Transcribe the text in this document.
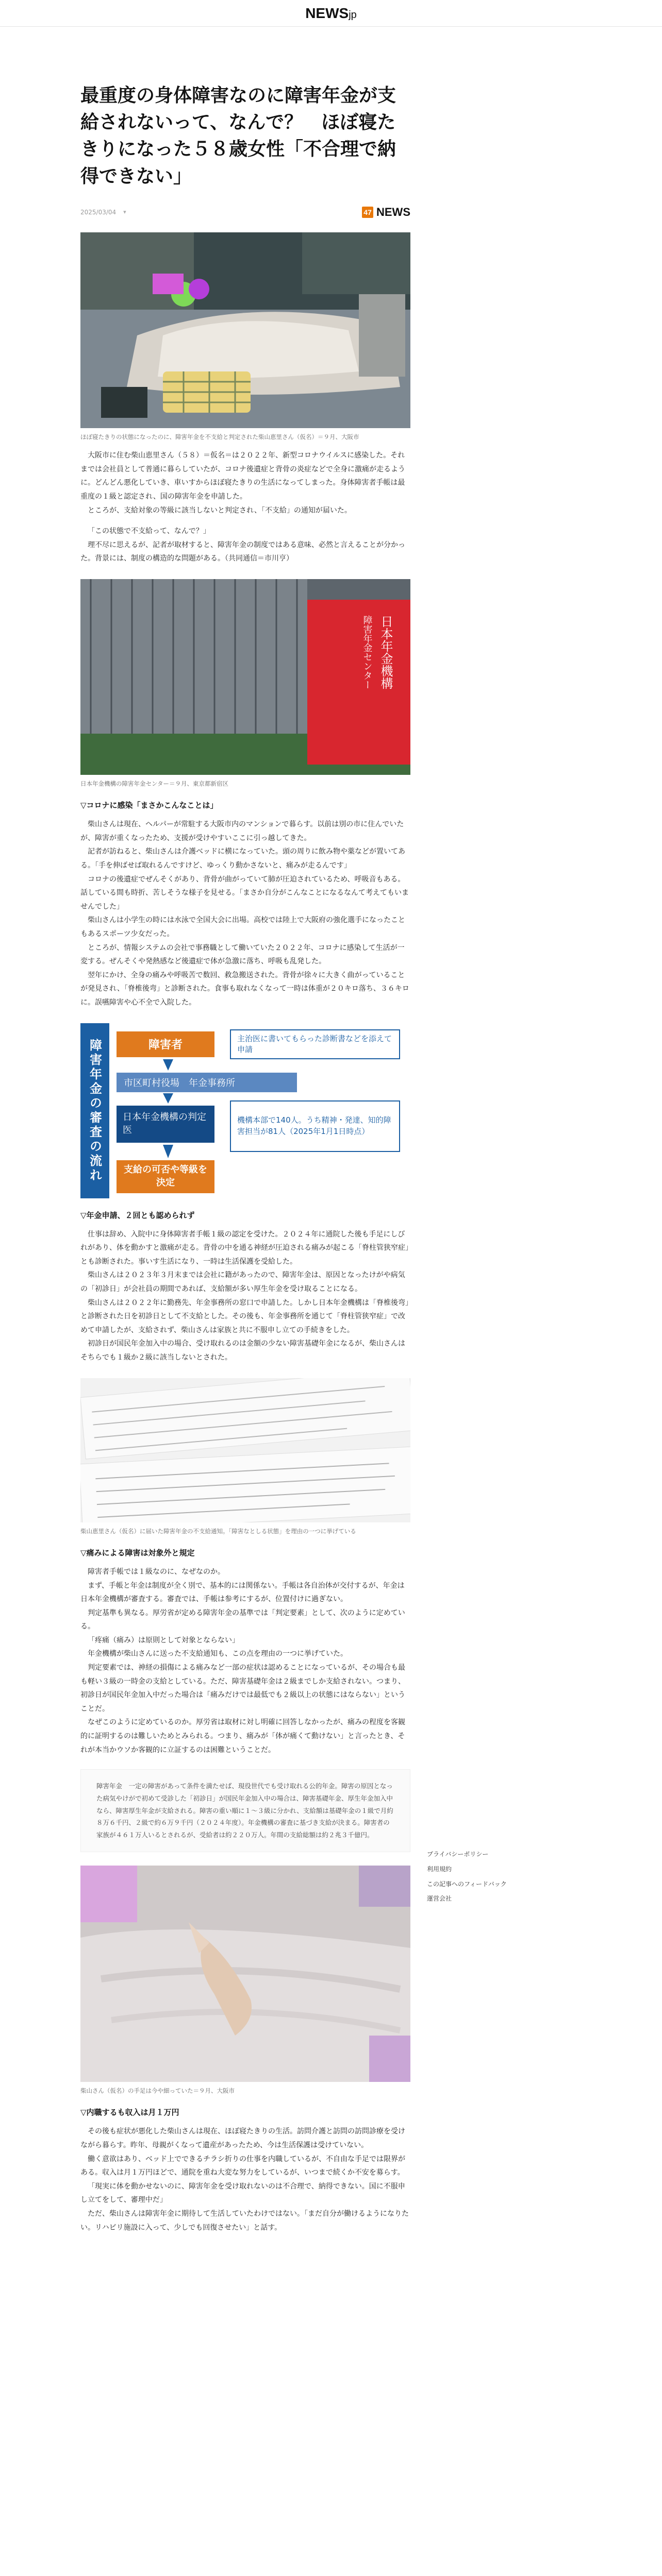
NEWSjp
最重度の身体障害なのに障害年金が支給されないって、なんで？　ほぼ寝たきりになった５８歳女性「不合理で納得できない」
2025/03/04 ▾	47 NEWS
ほぼ寝たきりの状態になったのに、障害年金を不支給と判定された柴山恵里さん（仮名）＝９月、大阪市

大阪市に住む柴山恵里さん（５８）＝仮名＝は２０２２年、新型コロナウイルスに感染した。それまでは会社員として普通に暮らしていたが、コロナ後遺症と背骨の炎症などで全身に激痛が走るように。どんどん悪化していき、車いすからほぼ寝たきりの生活になってしまった。身体障害者手帳は最重度の１級と認定され、国の障害年金を申請した。

ところが、支給対象の等級に該当しないと判定され、「不支給」の通知が届いた。

「この状態で不支給って、なんで？」

理不尽に思えるが、記者が取材すると、障害年金の制度ではある意味、必然と言えることが分かった。背景には、制度の構造的な問題がある。（共同通信＝市川亨）

日本年金機構
障害年金センター
日本年金機構の障害年金センター＝９月、東京都新宿区
▽コロナに感染「まさかこんなことは」

柴山さんは現在、ヘルパーが常駐する大阪市内のマンションで暮らす。以前は別の市に住んでいたが、障害が重くなったため、支援が受けやすいここに引っ越してきた。

記者が訪ねると、柴山さんは介護ベッドに横になっていた。頭の周りに飲み物や薬などが置いてある。「手を伸ばせば取れるんですけど、ゆっくり動かさないと、痛みが走るんです」

コロナの後遺症でぜんそくがあり、背骨が曲がっていて肺が圧迫されているため、呼吸音もある。話している間も時折、苦しそうな様子を見せる。「まさか自分がこんなことになるなんて考えてもいませんでした」

柴山さんは小学生の時には水泳で全国大会に出場。高校では陸上で大阪府の強化選手になったこともあるスポーツ少女だった。

ところが、情報システムの会社で事務職として働いていた２０２２年、コロナに感染して生活が一変する。ぜんそくや発熱感など後遺症で体が急激に落ち、呼吸も乱発した。

翌年にかけ、全身の痛みや呼吸苦で数回、救急搬送された。背骨が徐々に大きく曲がっていることが発見され、「脊椎後弯」と診断された。食事も取れなくなって一時は体重が２０キロ落ち、３６キロに。誤嚥障害や心不全で入院した。

障害年金の審査の流れ	障害者
主治医に書いてもらった診断書などを添えて申請
市区町村役場　年金事務所
日本年金機構の判定医
機構本部で140人。うち精神・発達、知的障害担当が81人（2025年1月1日時点）
支給の可否や等級を決定
▽年金申請、２回とも認められず

仕事は辞め、入院中に身体障害者手帳１級の認定を受けた。２０２４年に通院した後も手足にしびれがあり、体を動かすと激痛が走る。背骨の中を通る神経が圧迫される痛みが起こる「脊柱管狭窄症」とも診断された。事いす生活になり、一時は生活保護を受給した。

柴山さんは２０２３年３月末までは会社に籍があったので、障害年金は、原因となったけがや病気の「初診日」が会社員の期間であれば、支給額が多い厚生年金を受け取ることになる。

柴山さんは２０２２年に勤務先、年金事務所の窓口で申請した。しかし日本年金機構は「脊椎後弯」と診断された日を初診日として不支給とした。その後も、年金事務所を通じて「脊柱管狭窄症」で改めて申請したが、支給されず、柴山さんは家族と共に不服申し立ての手続きをした。

初診日が国民年金加入中の場合、受け取れるのは金額の少ない障害基礎年金になるが、柴山さんはそちらでも１級か２級に該当しないとされた。

柴山恵里さん（仮名）に届いた障害年金の不支給通知。「障害なとしる状態」を理由の一つに挙げている
▽痛みによる障害は対象外と規定

障害者手帳では１級なのに、なぜなのか。

まず、手帳と年金は制度が全く別で、基本的には関係ない。手帳は各自治体が交付するが、年金は日本年金機構が審査する。審査では、手帳は参考にするが、位置付けに過ぎない。

判定基準も異なる。厚労省が定める障害年金の基準では「判定要素」として、次のように定めている。

「疼痛（痛み）は原則として対象とならない」

年金機構が柴山さんに送った不支給通知も、この点を理由の一つに挙げていた。

判定要素では、神経の損傷による痛みなど一部の症状は認めることになっているが、その場合も最も軽い３級の一時金の支給としている。ただ、障害基礎年金は２級までしか支給されない。つまり、初診日が国民年金加入中だった場合は「痛みだけでは最低でも２級以上の状態にはならない」ということだ。

なぜこのように定めているのか。厚労省は取材に対し明確に回答しなかったが、痛みの程度を客観的に証明するのは難しいためとみられる。つまり、痛みが「体が痛くて動けない」と言ったとき、それが本当かウソか客観的に立証するのは困難ということだ。

障害年金　一定の障害があって条件を満たせば、現役世代でも受け取れる公的年金。障害の原因となった病気やけがで初めて受診した「初診日」が国民年金加入中の場合は、障害基礎年金、厚生年金加入中なら、障害厚生年金が支給される。障害の重い順に１～３級に分かれ、支給額は基礎年金の１級で月約８万６千円、２級で約６万９千円（２０２４年度）。年金機構の審査に基づき支給が決まる。障害者の家族が４６１万人いるとされるが、受給者は約２２０万人。年間の支給総額は約２兆３千億円。
柴山さん（仮名）の手足は今や細っていた＝９月、大阪市
▽内職するも収入は月１万円

その後も症状が悪化した柴山さんは現在、ほぼ寝たきりの生活。訪問介護と訪問の訪問診療を受けながら暮らす。昨年、母親がくなって遺産があったため、今は生活保護は受けていない。

働く意欲はあり、ベッド上でできるチラシ折りの仕事を内職しているが、不自由な手足では限界がある。収入は月１万円ほどで、通院を重ね大変な努力をしているが、いつまで続くか不安を募らす。

「現実に体を動かせないのに、障害年金を受け取れないのは不合理で、納得できない。国に不服申し立てをして、審理中だ」

ただ、柴山さんは障害年金に期待して生活していたわけではない。「まだ自分が働けるようになりたい。リハビリ施設に入って、少しでも回復させたい」と話す。

プライバシーポリシー
利用規約
この記事へのフィードバック
運営会社
